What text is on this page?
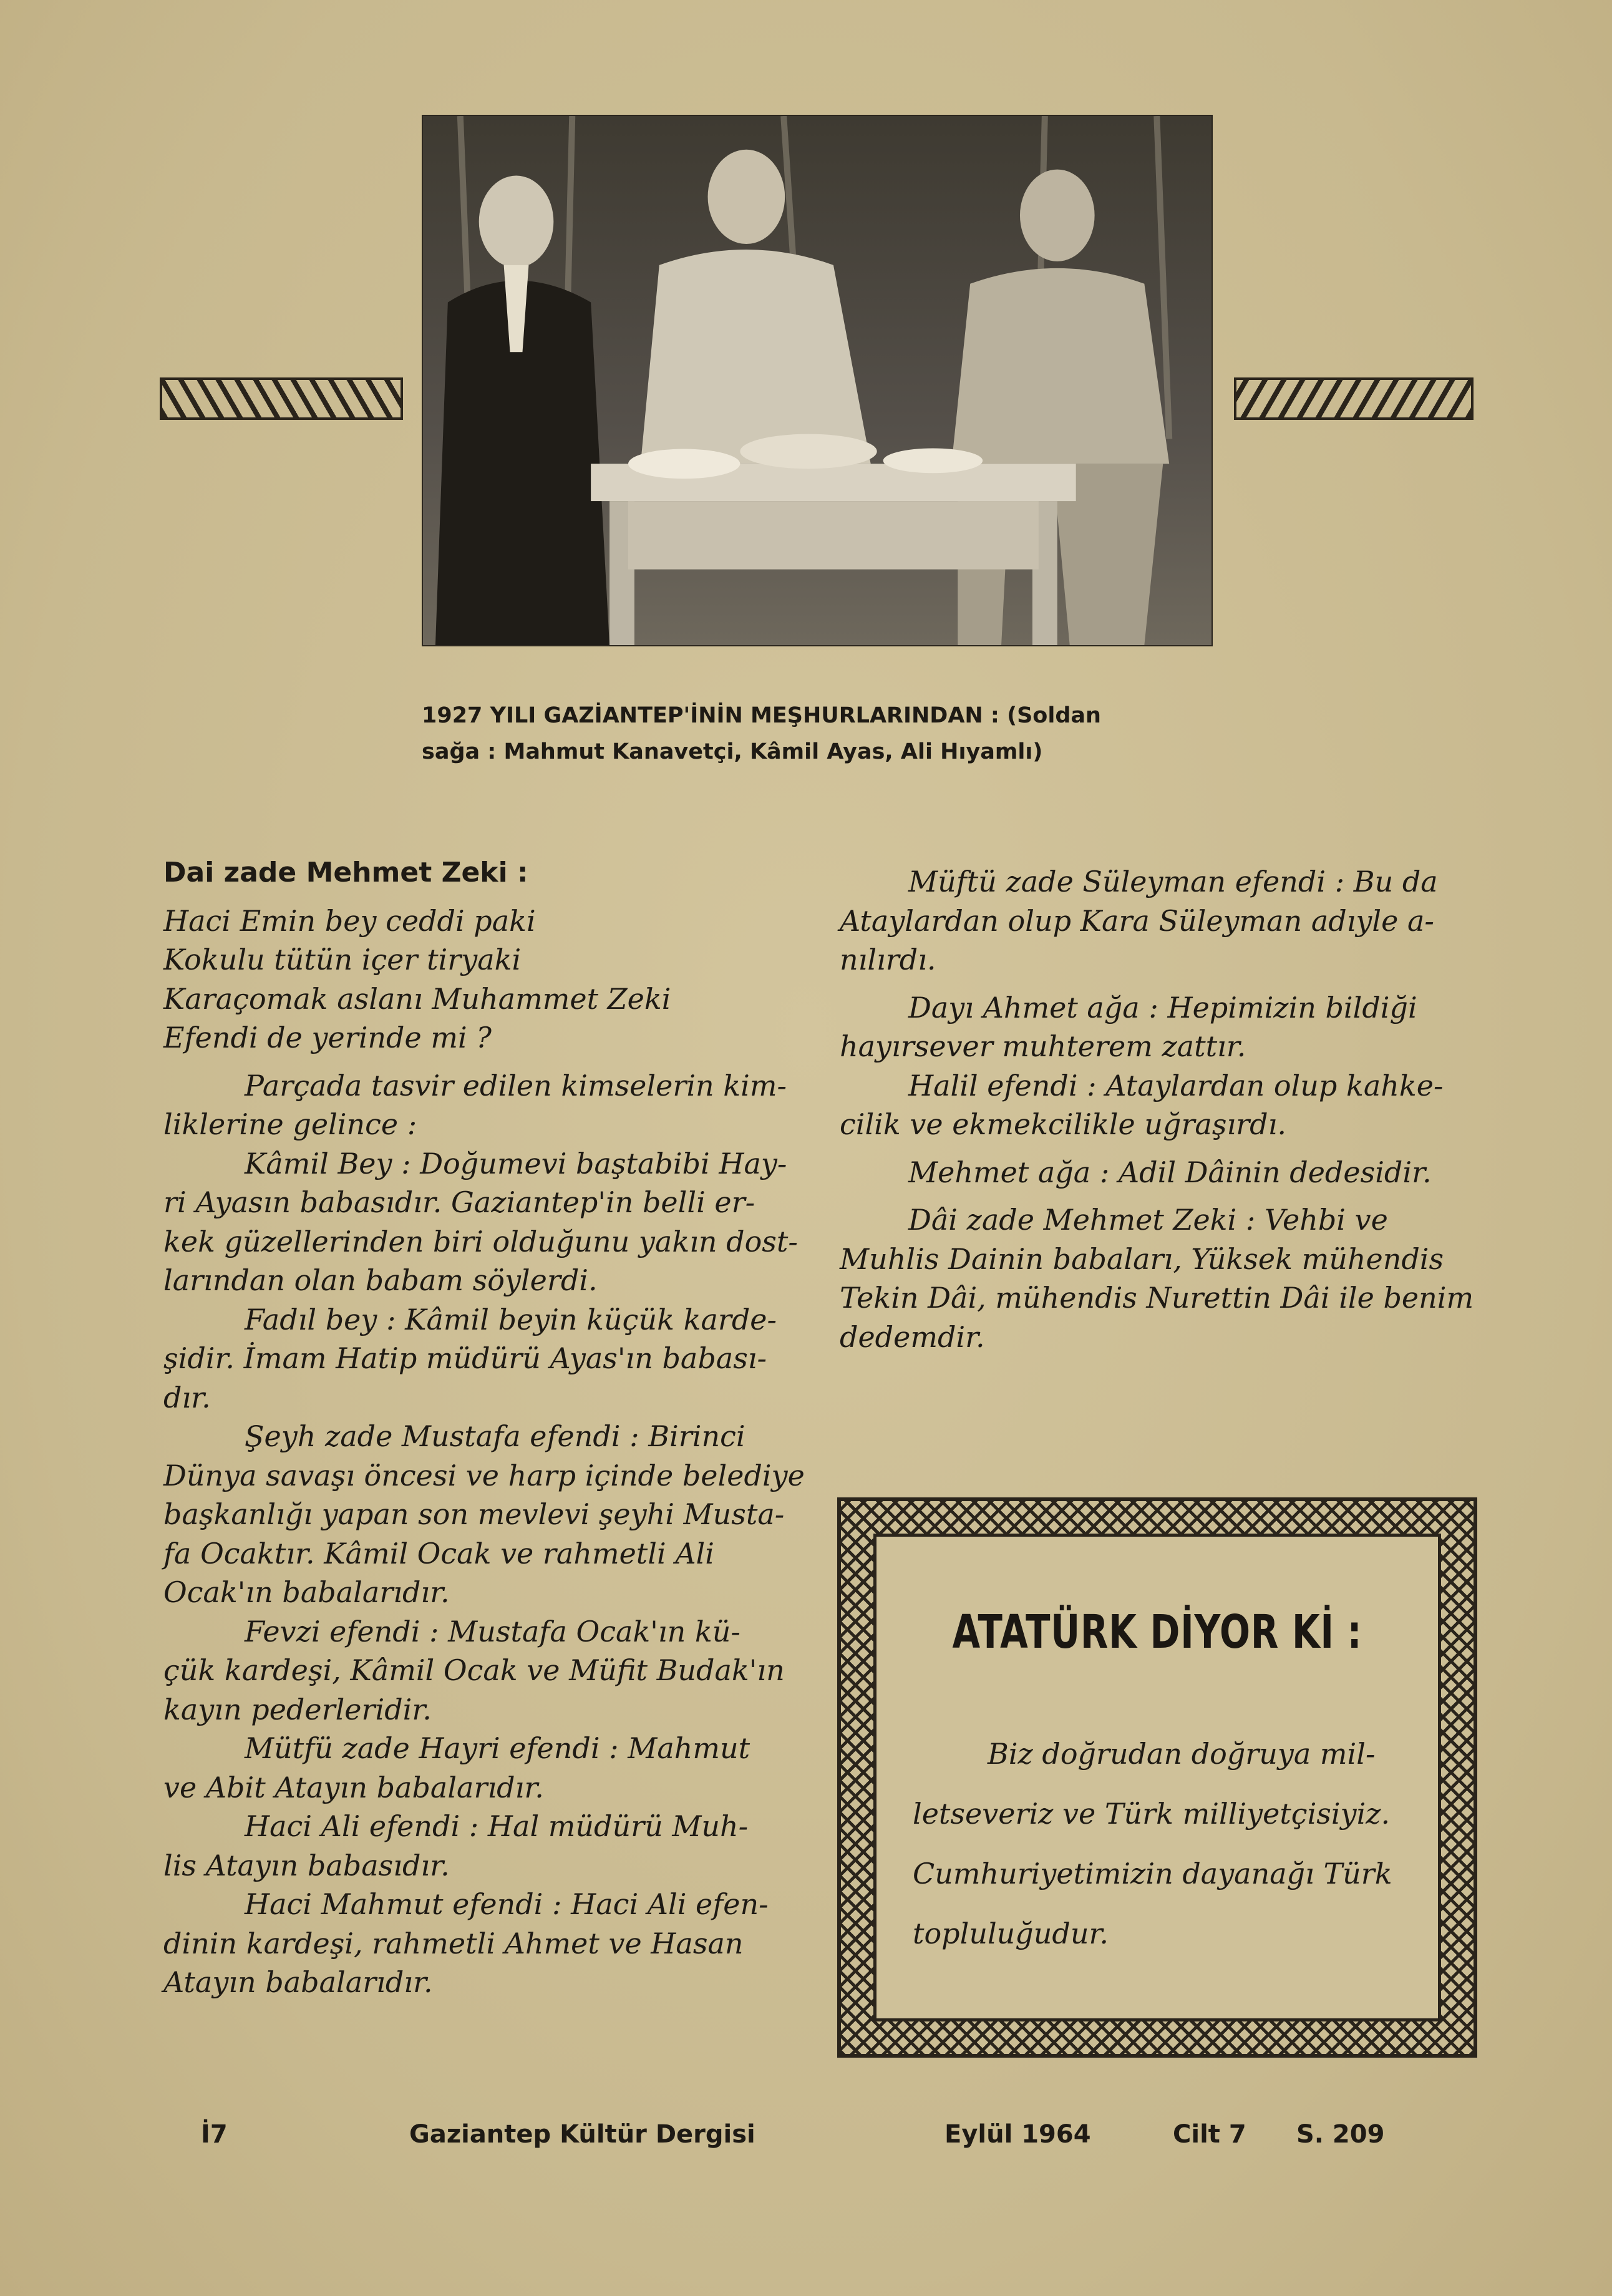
1927 YILI GAZİANTEP'İNİN MEŞHURLARINDAN : (Soldan

sağa : Mahmut Kanavetçi, Kâmil Ayas, Ali Hıyamlı)

Dai zade Mehmet Zeki :

Haci Emin bey ceddi paki

Kokulu tütün içer tiryaki

Karaçomak aslanı Muhammet Zeki

Efendi de yerinde mi ?

Parçada tasvir edilen kimselerin kim-

liklerine gelince :

Kâmil Bey : Doğumevi baştabibi Hay-

ri Ayasın babasıdır. Gaziantep'in belli er-

kek güzellerinden biri olduğunu yakın dost-

larından olan babam söylerdi.

Fadıl bey : Kâmil beyin küçük karde-

şidir. İmam Hatip müdürü Ayas'ın babası-

dır.

Şeyh zade Mustafa efendi : Birinci

Dünya savaşı öncesi ve harp içinde belediye

başkanlığı yapan son mevlevi şeyhi Musta-

fa Ocaktır. Kâmil Ocak ve rahmetli Ali

Ocak'ın babalarıdır.

Fevzi efendi : Mustafa Ocak'ın kü-

çük kardeşi, Kâmil Ocak ve Müfit Budak'ın

kayın pederleridir.

Mütfü zade Hayri efendi : Mahmut

ve Abit Atayın babalarıdır.

Haci Ali efendi : Hal müdürü Muh-

lis Atayın babasıdır.

Haci Mahmut efendi : Haci Ali efen-

dinin kardeşi, rahmetli Ahmet ve Hasan

Atayın babalarıdır.

Müftü zade Süleyman efendi : Bu da

Ataylardan olup Kara Süleyman adıyle a-

nılırdı.

Dayı Ahmet ağa : Hepimizin bildiği

hayırsever muhterem zattır.

Halil efendi : Ataylardan olup kahke-

cilik ve ekmekcilikle uğraşırdı.

Mehmet ağa : Adil Dâinin dedesidir.

Dâi zade Mehmet Zeki : Vehbi ve

Muhlis Dainin babaları, Yüksek mühendis

Tekin Dâi, mühendis Nurettin Dâi ile benim

dedemdir.

ATATÜRK DİYOR Kİ :

Biz doğrudan doğruya mil-

letseveriz ve Türk milliyetçisiyiz.

Cumhuriyetimizin dayanağı Türk

topluluğudur.

İ7	Gaziantep Kültür Dergisi	Eylül 1964	Cilt 7 S. 209
